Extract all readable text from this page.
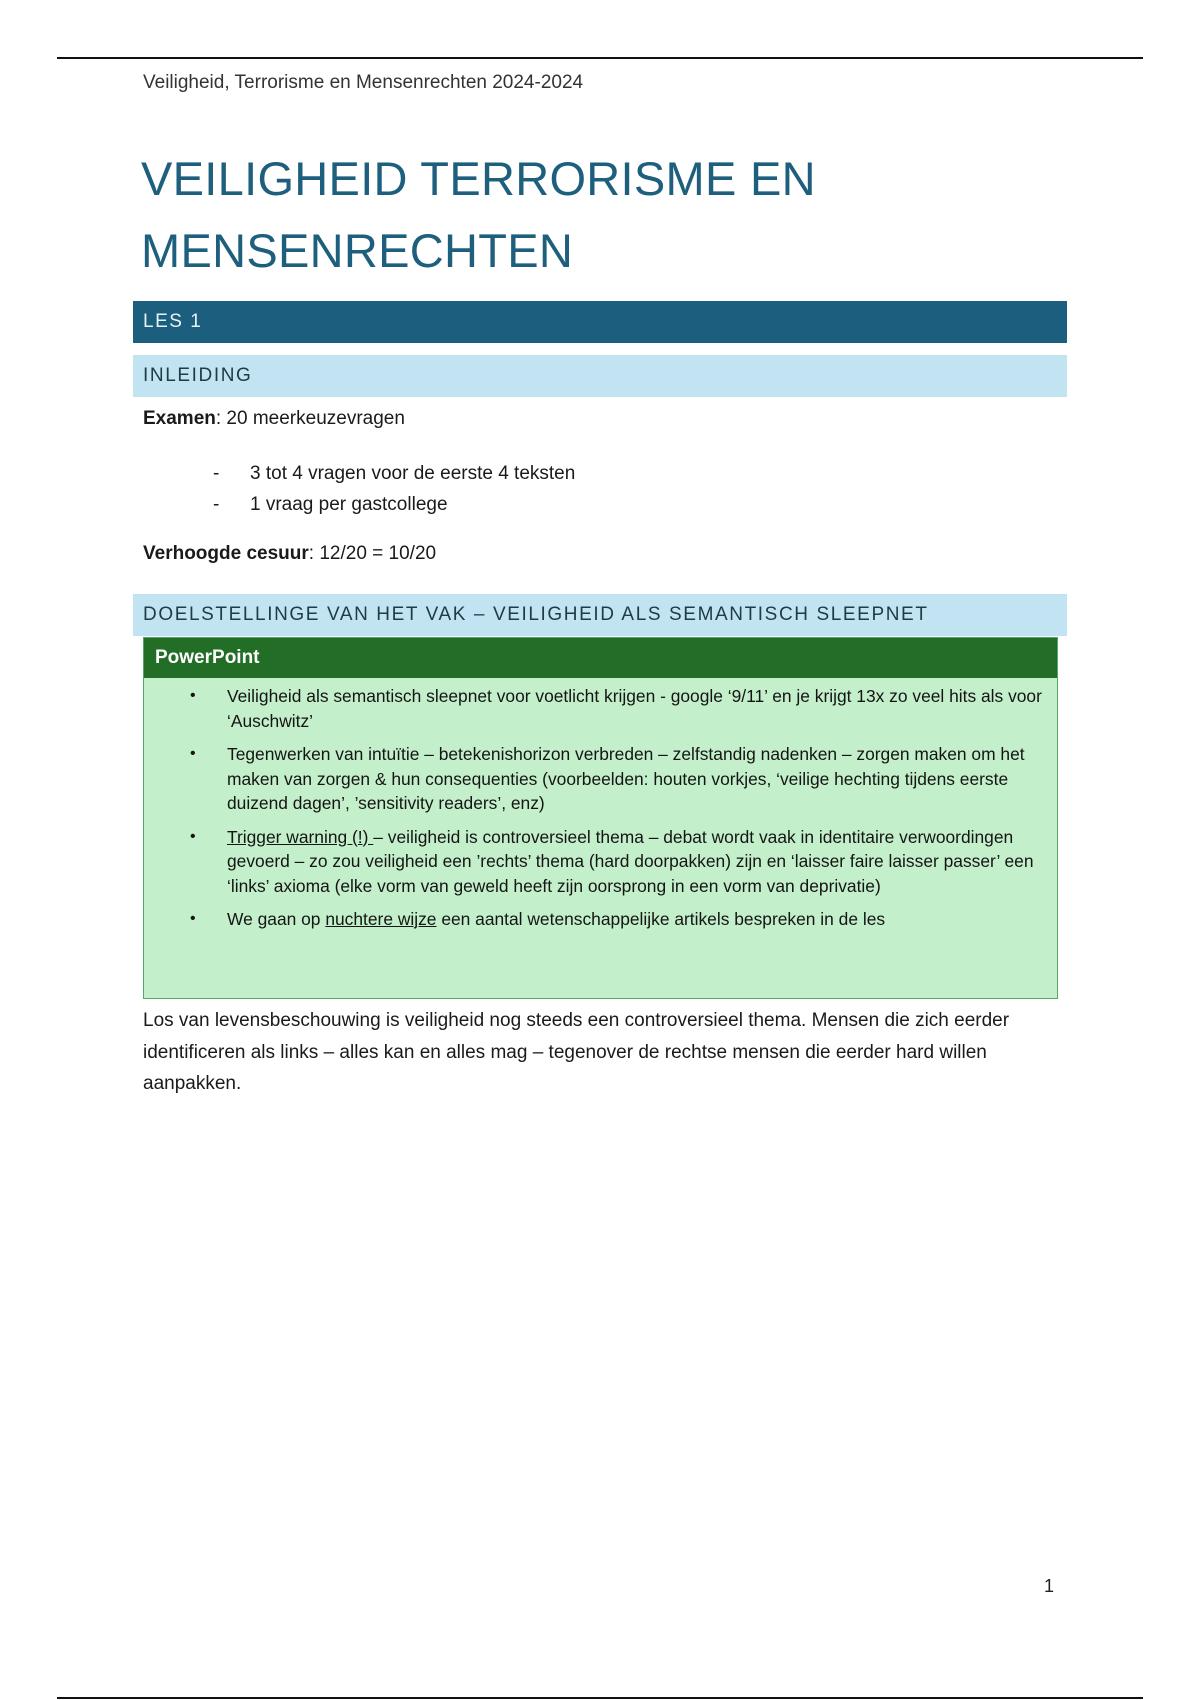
Veiligheid, Terrorisme en Mensenrechten 2024-2024
VEILIGHEID TERRORISME EN
MENSENRECHTEN
LES 1
INLEIDING
Examen: 20 meerkeuzevragen
- 3 tot 4 vragen voor de eerste 4 teksten
- 1 vraag per gastcollege
Verhoogde cesuur: 12/20 = 10/20
DOELSTELLINGE VAN HET VAK – VEILIGHEID ALS SEMANTISCH SLEEPNET
PowerPoint
• Veiligheid als semantisch sleepnet voor voetlicht krijgen - google ‘9/11’ en je krijgt 13x zo veel hits als voor ‘Auschwitz’
• Tegenwerken van intuïtie – betekenishorizon verbreden – zelfstandig nadenken – zorgen maken om het maken van zorgen & hun consequenties (voorbeelden: houten vorkjes, ‘veilige hechting tijdens eerste duizend dagen’, ’sensitivity readers’, enz)
• Trigger warning (!) – veiligheid is controversieel thema – debat wordt vaak in identitaire verwoordingen gevoerd – zo zou veiligheid een ’rechts’ thema (hard doorpakken) zijn en ‘laisser faire laisser passer’ een ‘links’ axioma (elke vorm van geweld heeft zijn oorsprong in een vorm van deprivatie)
• We gaan op nuchtere wijze een aantal wetenschappelijke artikels bespreken in de les

Los van levensbeschouwing is veiligheid nog steeds een controversieel thema. Mensen die zich eerder identificeren als links – alles kan en alles mag – tegenover de rechtse mensen die eerder hard willen aanpakken.

1
